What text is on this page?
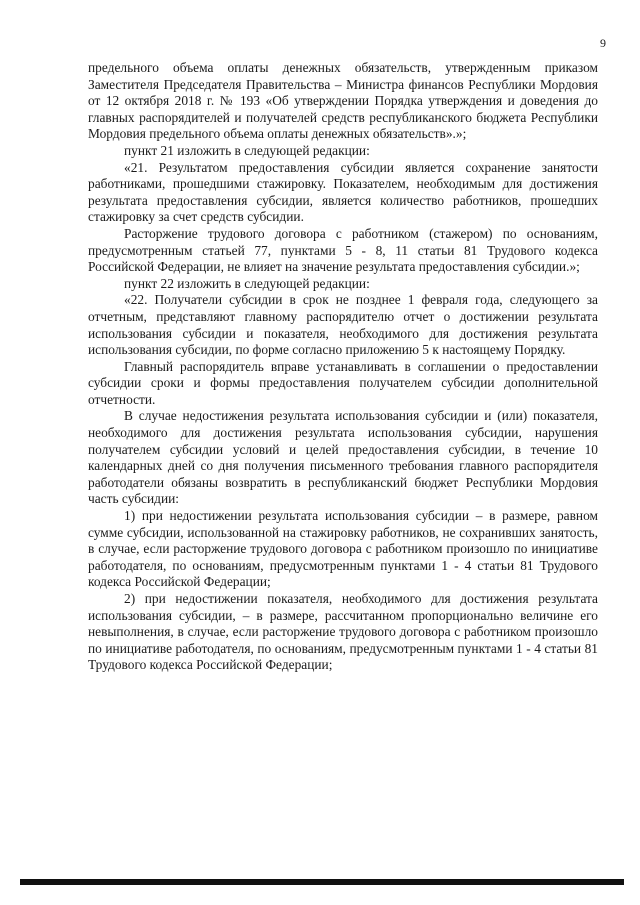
9

предельного объема оплаты денежных обязательств, утвержденным приказом Заместителя Председателя Правительства – Министра финансов Республики Мордовия от 12 октября 2018 г. № 193 «Об утверждении Порядка утверждения и доведения до главных распорядителей и получателей средств республиканского бюджета Республики Мордовия предельного объема оплаты денежных обязательств».»;

пункт 21 изложить в следующей редакции:

«21. Результатом предоставления субсидии является сохранение занятости работниками, прошедшими стажировку. Показателем, необходимым для достижения результата предоставления субсидии, является количество работников, прошедших стажировку за счет средств субсидии.

Расторжение трудового договора с работником (стажером) по основаниям, предусмотренным статьей 77, пунктами 5 - 8, 11 статьи 81 Трудового кодекса Российской Федерации, не влияет на значение результата предоставления субсидии.»;

пункт 22 изложить в следующей редакции:

«22. Получатели субсидии в срок не позднее 1 февраля года, следующего за отчетным, представляют главному распорядителю отчет о достижении результата использования субсидии и показателя, необходимого для достижения результата использования субсидии, по форме согласно приложению 5 к настоящему Порядку.

Главный распорядитель вправе устанавливать в соглашении о предоставлении субсидии сроки и формы предоставления получателем субсидии дополнительной отчетности.

В случае недостижения результата использования субсидии и (или) показателя, необходимого для достижения результата использования субсидии, нарушения получателем субсидии условий и целей предоставления субсидии, в течение 10 календарных дней со дня получения письменного требования главного распорядителя работодатели обязаны возвратить в республиканский бюджет Республики Мордовия часть субсидии:

1) при недостижении результата использования субсидии – в размере, равном сумме субсидии, использованной на стажировку работников, не сохранивших занятость, в случае, если расторжение трудового договора с работником произошло по инициативе работодателя, по основаниям, предусмотренным пунктами 1 - 4 статьи 81 Трудового кодекса Российской Федерации;

2) при недостижении показателя, необходимого для достижения результата использования субсидии, – в размере, рассчитанном пропорционально величине его невыполнения, в случае, если расторжение трудового договора с работником произошло по инициативе работодателя, по основаниям, предусмотренным пунктами 1 - 4 статьи 81 Трудового кодекса Российской Федерации;
